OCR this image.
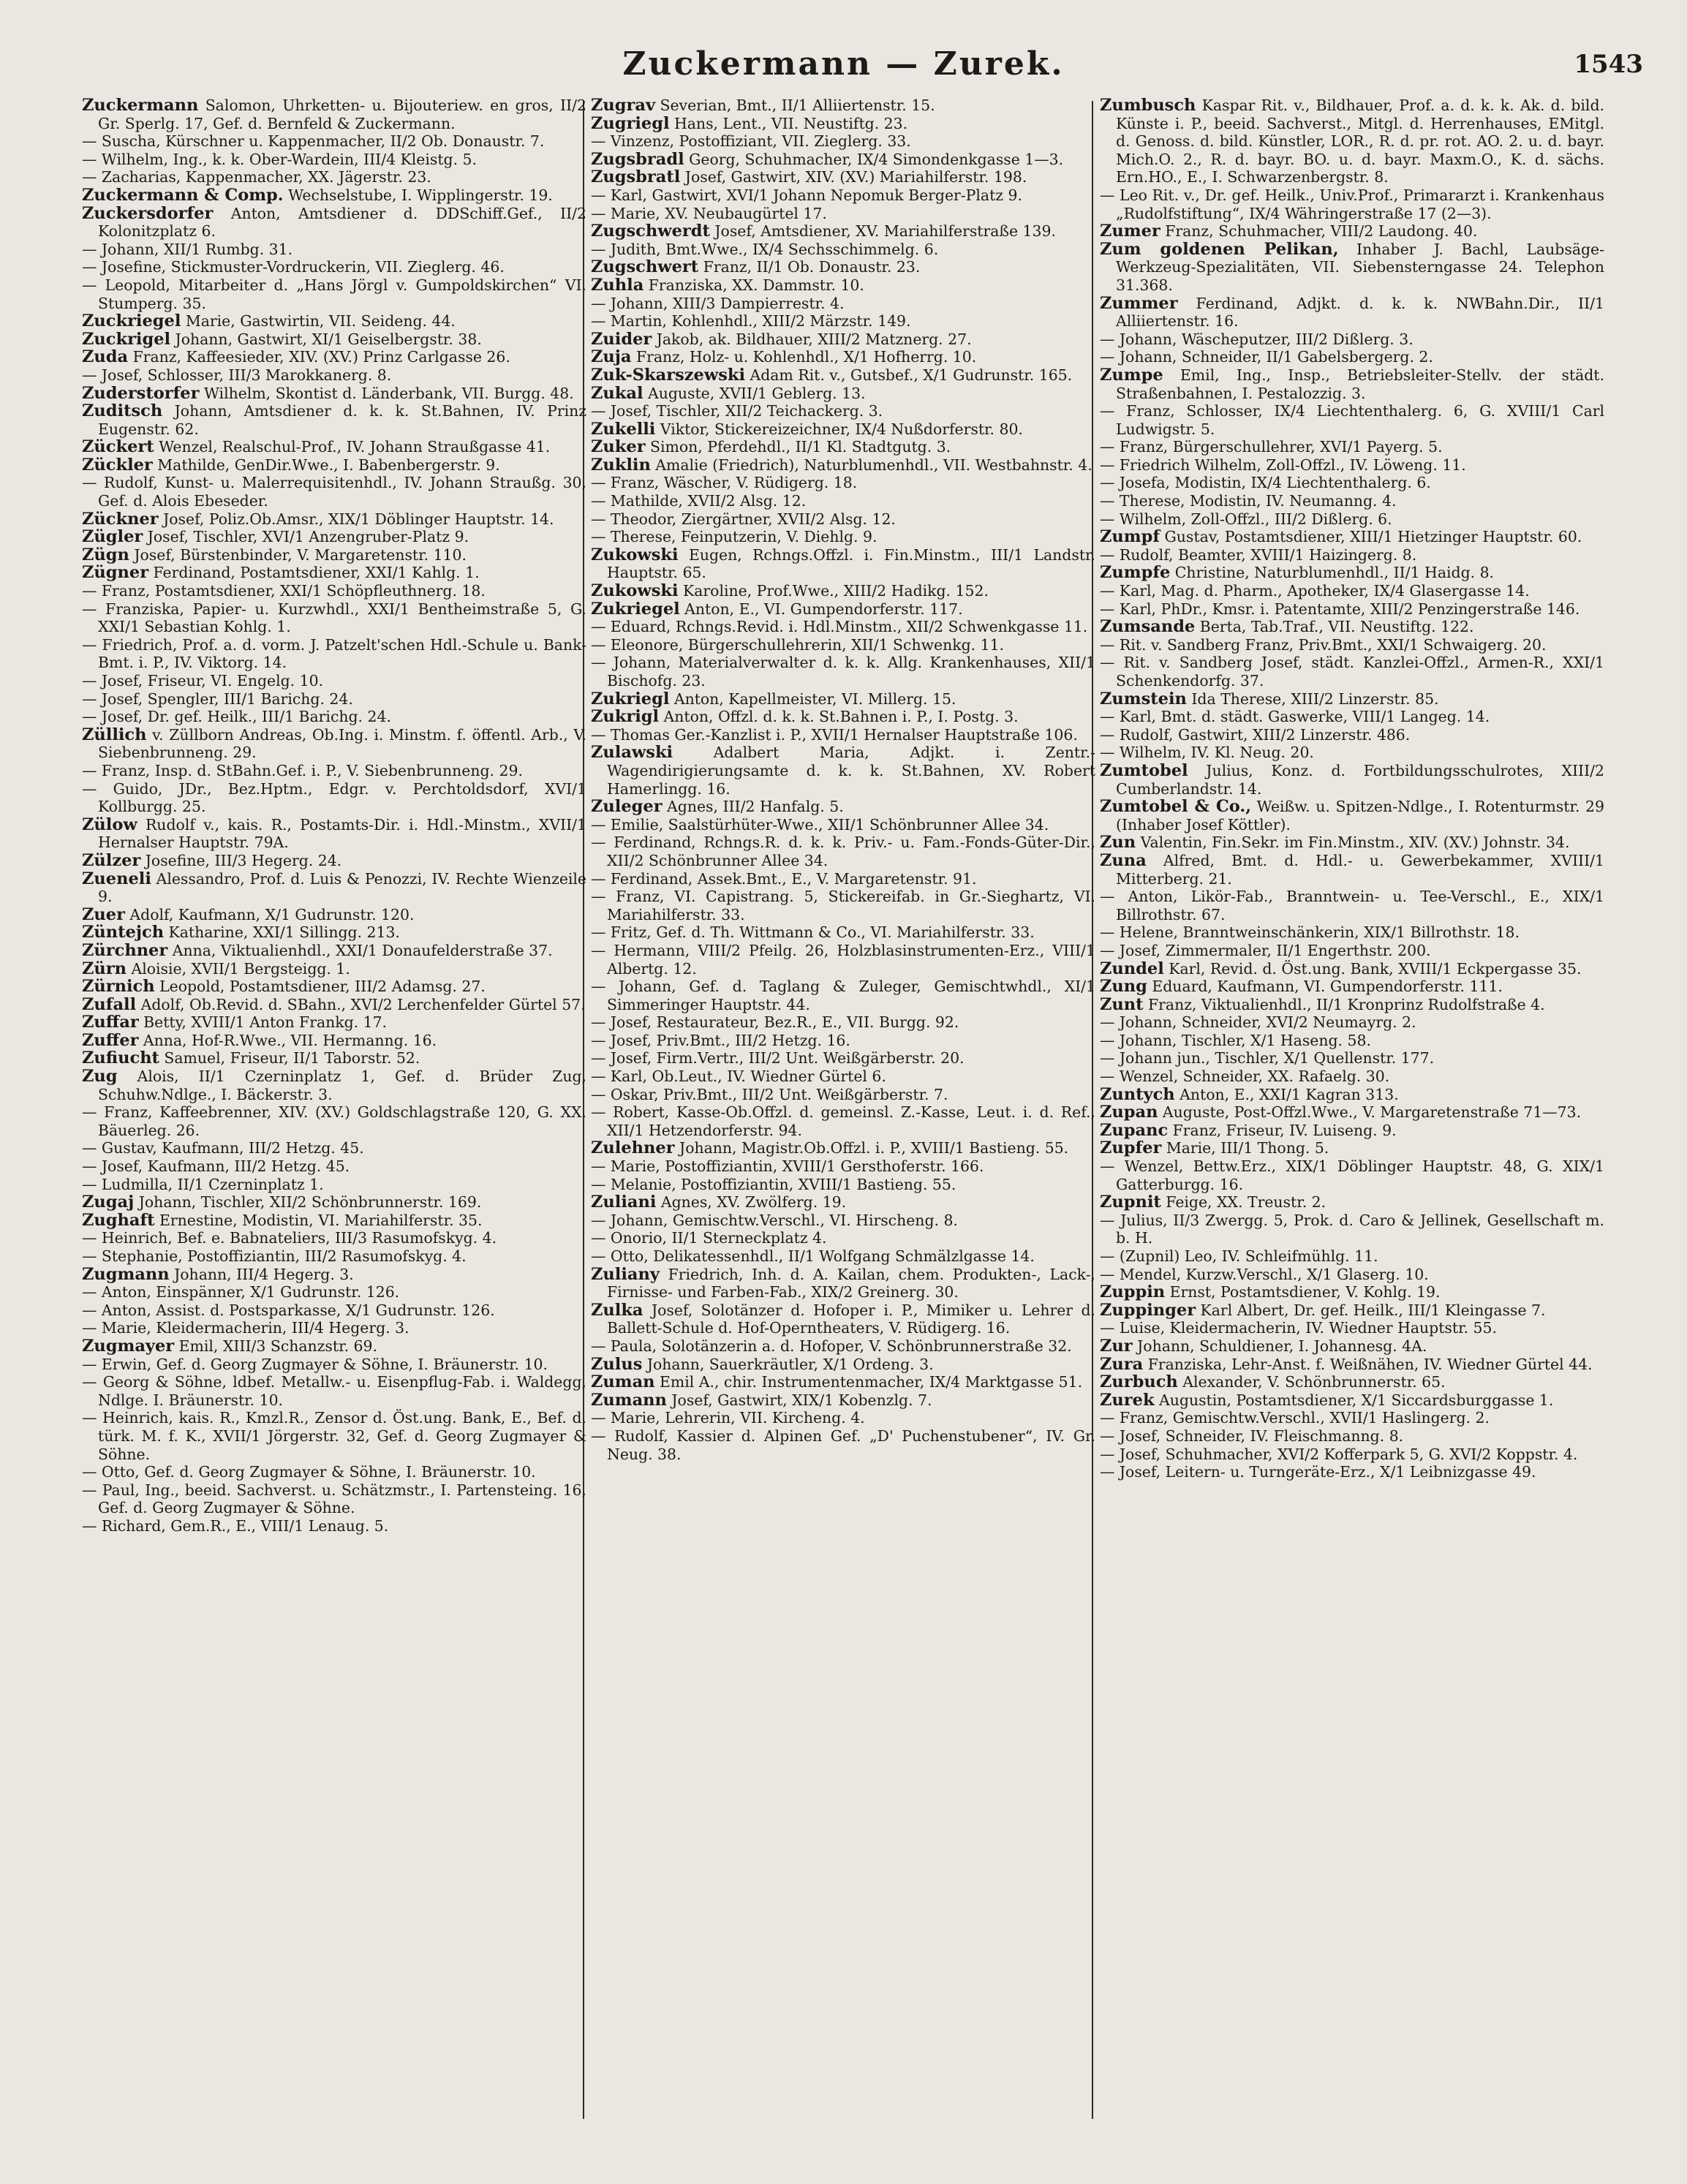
Zuckermann — Zurek.	1543

Zuckermann Salomon, Uhrketten- u. Bijouteriew. en gros, II/2 Gr. Sperlg. 17, Gef. d. Bernfeld & Zuckermann.

— Suscha, Kürschner u. Kappenmacher, II/2 Ob. Donaustr. 7.

— Wilhelm, Ing., k. k. Ober-Wardein, III/4 Kleistg. 5.

— Zacharias, Kappenmacher, XX. Jägerstr. 23.

Zuckermann & Comp. Wechselstube, I. Wipplingerstr. 19.

Zuckersdorfer Anton, Amtsdiener d. DDSchiff.Gef., II/2 Kolonitzplatz 6.

— Johann, XII/1 Rumbg. 31.

— Josefine, Stickmuster-Vordruckerin, VII. Zieglerg. 46.

— Leopold, Mitarbeiter d. „Hans Jörgl v. Gumpoldskirchen“ VI. Stumperg. 35.

Zuckriegel Marie, Gastwirtin, VII. Seideng. 44.

Zuckrigel Johann, Gastwirt, XI/1 Geiselbergstr. 38.

Zuda Franz, Kaffeesieder, XIV. (XV.) Prinz Carlgasse 26.

— Josef, Schlosser, III/3 Marokkanerg. 8.

Zuderstorfer Wilhelm, Skontist d. Länderbank, VII. Burgg. 48.

Zuditsch Johann, Amtsdiener d. k. k. St.Bahnen, IV. Prinz Eugenstr. 62.

Zückert Wenzel, Realschul-Prof., IV. Johann Straußgasse 41.

Zückler Mathilde, GenDir.Wwe., I. Babenbergerstr. 9.

— Rudolf, Kunst- u. Malerrequisitenhdl., IV. Johann Straußg. 30, Gef. d. Alois Ebeseder.

Zückner Josef, Poliz.Ob.Amsr., XIX/1 Döblinger Hauptstr. 14.

Zügler Josef, Tischler, XVI/1 Anzengruber-Platz 9.

Zügn Josef, Bürstenbinder, V. Margaretenstr. 110.

Zügner Ferdinand, Postamtsdiener, XXI/1 Kahlg. 1.

— Franz, Postamtsdiener, XXI/1 Schöpfleuthnerg. 18.

— Franziska, Papier- u. Kurzwhdl., XXI/1 Bentheimstraße 5, G. XXI/1 Sebastian Kohlg. 1.

— Friedrich, Prof. a. d. vorm. J. Patzelt'schen Hdl.-Schule u. Bank-Bmt. i. P., IV. Viktorg. 14.

— Josef, Friseur, VI. Engelg. 10.

— Josef, Spengler, III/1 Barichg. 24.

— Josef, Dr. gef. Heilk., III/1 Barichg. 24.

Züllich v. Züllborn Andreas, Ob.Ing. i. Minstm. f. öffentl. Arb., V. Siebenbrunneng. 29.

— Franz, Insp. d. StBahn.Gef. i. P., V. Siebenbrunneng. 29.

— Guido, JDr., Bez.Hptm., Edgr. v. Perchtoldsdorf, XVI/1 Kollburgg. 25.

Zülow Rudolf v., kais. R., Postamts-Dir. i. Hdl.-Minstm., XVII/1 Hernalser Hauptstr. 79A.

Zülzer Josefine, III/3 Hegerg. 24.

Zueneli Alessandro, Prof. d. Luis & Penozzi, IV. Rechte Wienzeile 9.

Zuer Adolf, Kaufmann, X/1 Gudrunstr. 120.

Züntejch Katharine, XXI/1 Sillingg. 213.

Zürchner Anna, Viktualienhdl., XXI/1 Donaufelderstraße 37.

Zürn Aloisie, XVII/1 Bergsteigg. 1.

Zürnich Leopold, Postamtsdiener, III/2 Adamsg. 27.

Zufall Adolf, Ob.Revid. d. SBahn., XVI/2 Lerchenfelder Gürtel 57.

Zuffar Betty, XVIII/1 Anton Frankg. 17.

Zuffer Anna, Hof-R.Wwe., VII. Hermanng. 16.

Zufiucht Samuel, Friseur, II/1 Taborstr. 52.

Zug Alois, II/1 Czerninplatz 1, Gef. d. Brüder Zug, Schuhw.Ndlge., I. Bäckerstr. 3.

— Franz, Kaffeebrenner, XIV. (XV.) Goldschlagstraße 120, G. XX. Bäuerleg. 26.

— Gustav, Kaufmann, III/2 Hetzg. 45.

— Josef, Kaufmann, III/2 Hetzg. 45.

— Ludmilla, II/1 Czerninplatz 1.

Zugaj Johann, Tischler, XII/2 Schönbrunnerstr. 169.

Zughaft Ernestine, Modistin, VI. Mariahilferstr. 35.

— Heinrich, Bef. e. Babnateliers, III/3 Rasumofskyg. 4.

— Stephanie, Postoffiziantin, III/2 Rasumofskyg. 4.

Zugmann Johann, III/4 Hegerg. 3.

— Anton, Einspänner, X/1 Gudrunstr. 126.

— Anton, Assist. d. Postsparkasse, X/1 Gudrunstr. 126.

— Marie, Kleidermacherin, III/4 Hegerg. 3.

Zugmayer Emil, XIII/3 Schanzstr. 69.

— Erwin, Gef. d. Georg Zugmayer & Söhne, I. Bräunerstr. 10.

— Georg & Söhne, ldbef. Metallw.- u. Eisenpflug-Fab. i. Waldegg, Ndlge. I. Bräunerstr. 10.

— Heinrich, kais. R., Kmzl.R., Zensor d. Öst.ung. Bank, E., Bef. d. türk. M. f. K., XVII/1 Jörgerstr. 32, Gef. d. Georg Zugmayer & Söhne.

— Otto, Gef. d. Georg Zugmayer & Söhne, I. Bräunerstr. 10.

— Paul, Ing., beeid. Sachverst. u. Schätzmstr., I. Partensteing. 16, Gef. d. Georg Zugmayer & Söhne.

— Richard, Gem.R., E., VIII/1 Lenaug. 5.

Zugrav Severian, Bmt., II/1 Alliiertenstr. 15.

Zugriegl Hans, Lent., VII. Neustiftg. 23.

— Vinzenz, Postoffiziant, VII. Zieglerg. 33.

Zugsbradl Georg, Schuhmacher, IX/4 Simondenkgasse 1—3.

Zugsbratl Josef, Gastwirt, XIV. (XV.) Mariahilferstr. 198.

— Karl, Gastwirt, XVI/1 Johann Nepomuk Berger-Platz 9.

— Marie, XV. Neubaugürtel 17.

Zugschwerdt Josef, Amtsdiener, XV. Mariahilferstraße 139.

— Judith, Bmt.Wwe., IX/4 Sechsschimmelg. 6.

Zugschwert Franz, II/1 Ob. Donaustr. 23.

Zuhla Franziska, XX. Dammstr. 10.

— Johann, XIII/3 Dampierrestr. 4.

— Martin, Kohlenhdl., XIII/2 Märzstr. 149.

Zuider Jakob, ak. Bildhauer, XIII/2 Matznerg. 27.

Zuja Franz, Holz- u. Kohlenhdl., X/1 Hofherrg. 10.

Zuk-Skarszewski Adam Rit. v., Gutsbef., X/1 Gudrunstr. 165.

Zukal Auguste, XVII/1 Geblerg. 13.

— Josef, Tischler, XII/2 Teichackerg. 3.

Zukelli Viktor, Stickereizeichner, IX/4 Nußdorferstr. 80.

Zuker Simon, Pferdehdl., II/1 Kl. Stadtgutg. 3.

Zuklin Amalie (Friedrich), Naturblumenhdl., VII. Westbahnstr. 4.

— Franz, Wäscher, V. Rüdigerg. 18.

— Mathilde, XVII/2 Alsg. 12.

— Theodor, Ziergärtner, XVII/2 Alsg. 12.

— Therese, Feinputzerin, V. Diehlg. 9.

Zukowski Eugen, Rchngs.Offzl. i. Fin.Minstm., III/1 Landstr. Hauptstr. 65.

Zukowski Karoline, Prof.Wwe., XIII/2 Hadikg. 152.

Zukriegel Anton, E., VI. Gumpendorferstr. 117.

— Eduard, Rchngs.Revid. i. Hdl.Minstm., XII/2 Schwenkgasse 11.

— Eleonore, Bürgerschullehrerin, XII/1 Schwenkg. 11.

— Johann, Materialverwalter d. k. k. Allg. Krankenhauses, XII/1 Bischofg. 23.

Zukriegl Anton, Kapellmeister, VI. Millerg. 15.

Zukrigl Anton, Offzl. d. k. k. St.Bahnen i. P., I. Postg. 3.

— Thomas Ger.-Kanzlist i. P., XVII/1 Hernalser Hauptstraße 106.

Zulawski Adalbert Maria, Adjkt. i. Zentr.-Wagendirigierungsamte d. k. k. St.Bahnen, XV. Robert Hamerlingg. 16.

Zuleger Agnes, III/2 Hanfalg. 5.

— Emilie, Saalstürhüter-Wwe., XII/1 Schönbrunner Allee 34.

— Ferdinand, Rchngs.R. d. k. k. Priv.- u. Fam.-Fonds-Güter-Dir., XII/2 Schönbrunner Allee 34.

— Ferdinand, Assek.Bmt., E., V. Margaretenstr. 91.

— Franz, VI. Capistrang. 5, Stickereifab. in Gr.-Sieghartz, VI. Mariahilferstr. 33.

— Fritz, Gef. d. Th. Wittmann & Co., VI. Mariahilferstr. 33.

— Hermann, VIII/2 Pfeilg. 26, Holzblasinstrumenten-Erz., VIII/1 Albertg. 12.

— Johann, Gef. d. Taglang & Zuleger, Gemischtwhdl., XI/1 Simmeringer Hauptstr. 44.

— Josef, Restaurateur, Bez.R., E., VII. Burgg. 92.

— Josef, Priv.Bmt., III/2 Hetzg. 16.

— Josef, Firm.Vertr., III/2 Unt. Weißgärberstr. 20.

— Karl, Ob.Leut., IV. Wiedner Gürtel 6.

— Oskar, Priv.Bmt., III/2 Unt. Weißgärberstr. 7.

— Robert, Kasse-Ob.Offzl. d. gemeinsl. Z.-Kasse, Leut. i. d. Ref., XII/1 Hetzendorferstr. 94.

Zulehner Johann, Magistr.Ob.Offzl. i. P., XVIII/1 Bastieng. 55.

— Marie, Postoffiziantin, XVIII/1 Gersthoferstr. 166.

— Melanie, Postoffiziantin, XVIII/1 Bastieng. 55.

Zuliani Agnes, XV. Zwölferg. 19.

— Johann, Gemischtw.Verschl., VI. Hirscheng. 8.

— Onorio, II/1 Sterneckplatz 4.

— Otto, Delikatessenhdl., II/1 Wolfgang Schmälzlgasse 14.

Zuliany Friedrich, Inh. d. A. Kailan, chem. Produkten-, Lack-, Firnisse- und Farben-Fab., XIX/2 Greinerg. 30.

Zulka Josef, Solotänzer d. Hofoper i. P., Mimiker u. Lehrer d. Ballett-Schule d. Hof-Operntheaters, V. Rüdigerg. 16.

— Paula, Solotänzerin a. d. Hofoper, V. Schönbrunnerstraße 32.

Zulus Johann, Sauerkräutler, X/1 Ordeng. 3.

Zuman Emil A., chir. Instrumentenmacher, IX/4 Marktgasse 51.

Zumann Josef, Gastwirt, XIX/1 Kobenzlg. 7.

— Marie, Lehrerin, VII. Kircheng. 4.

— Rudolf, Kassier d. Alpinen Gef. „D' Puchenstubener“, IV. Gr. Neug. 38.

Zumbusch Kaspar Rit. v., Bildhauer, Prof. a. d. k. k. Ak. d. bild. Künste i. P., beeid. Sachverst., Mitgl. d. Herrenhauses, EMitgl. d. Genoss. d. bild. Künstler, LOR., R. d. pr. rot. AO. 2. u. d. bayr. Mich.O. 2., R. d. bayr. BO. u. d. bayr. Maxm.O., K. d. sächs. Ern.HO., E., I. Schwarzenbergstr. 8.

— Leo Rit. v., Dr. gef. Heilk., Univ.Prof., Primararzt i. Krankenhaus „Rudolfstiftung“, IX/4 Währingerstraße 17 (2—3).

Zumer Franz, Schuhmacher, VIII/2 Laudong. 40.

Zum goldenen Pelikan, Inhaber J. Bachl, Laubsäge-Werkzeug-Spezialitäten, VII. Siebensterngasse 24. Telephon 31.368.

Zummer Ferdinand, Adjkt. d. k. k. NWBahn.Dir., II/1 Alliiertenstr. 16.

— Johann, Wäscheputzer, III/2 Dißlerg. 3.

— Johann, Schneider, II/1 Gabelsbergerg. 2.

Zumpe Emil, Ing., Insp., Betriebsleiter-Stellv. der städt. Straßenbahnen, I. Pestalozzig. 3.

— Franz, Schlosser, IX/4 Liechtenthalerg. 6, G. XVIII/1 Carl Ludwigstr. 5.

— Franz, Bürgerschullehrer, XVI/1 Payerg. 5.

— Friedrich Wilhelm, Zoll-Offzl., IV. Löweng. 11.

— Josefa, Modistin, IX/4 Liechtenthalerg. 6.

— Therese, Modistin, IV. Neumanng. 4.

— Wilhelm, Zoll-Offzl., III/2 Dißlerg. 6.

Zumpf Gustav, Postamtsdiener, XIII/1 Hietzinger Hauptstr. 60.

— Rudolf, Beamter, XVIII/1 Haizingerg. 8.

Zumpfe Christine, Naturblumenhdl., II/1 Haidg. 8.

— Karl, Mag. d. Pharm., Apotheker, IX/4 Glasergasse 14.

— Karl, PhDr., Kmsr. i. Patentamte, XIII/2 Penzingerstraße 146.

Zumsande Berta, Tab.Traf., VII. Neustiftg. 122.

— Rit. v. Sandberg Franz, Priv.Bmt., XXI/1 Schwaigerg. 20.

— Rit. v. Sandberg Josef, städt. Kanzlei-Offzl., Armen-R., XXI/1 Schenkendorfg. 37.

Zumstein Ida Therese, XIII/2 Linzerstr. 85.

— Karl, Bmt. d. städt. Gaswerke, VIII/1 Langeg. 14.

— Rudolf, Gastwirt, XIII/2 Linzerstr. 486.

— Wilhelm, IV. Kl. Neug. 20.

Zumtobel Julius, Konz. d. Fortbildungsschulrotes, XIII/2 Cumberlandstr. 14.

Zumtobel & Co., Weißw. u. Spitzen-Ndlge., I. Rotenturmstr. 29 (Inhaber Josef Köttler).

Zun Valentin, Fin.Sekr. im Fin.Minstm., XIV. (XV.) Johnstr. 34.

Zuna Alfred, Bmt. d. Hdl.- u. Gewerbekammer, XVIII/1 Mitterberg. 21.

— Anton, Likör-Fab., Branntwein- u. Tee-Verschl., E., XIX/1 Billrothstr. 67.

— Helene, Branntweinschänkerin, XIX/1 Billrothstr. 18.

— Josef, Zimmermaler, II/1 Engerthstr. 200.

Zundel Karl, Revid. d. Öst.ung. Bank, XVIII/1 Eckpergasse 35.

Zung Eduard, Kaufmann, VI. Gumpendorferstr. 111.

Zunt Franz, Viktualienhdl., II/1 Kronprinz Rudolfstraße 4.

— Johann, Schneider, XVI/2 Neumayrg. 2.

— Johann, Tischler, X/1 Haseng. 58.

— Johann jun., Tischler, X/1 Quellenstr. 177.

— Wenzel, Schneider, XX. Rafaelg. 30.

Zuntych Anton, E., XXI/1 Kagran 313.

Zupan Auguste, Post-Offzl.Wwe., V. Margaretenstraße 71—73.

Zupanc Franz, Friseur, IV. Luiseng. 9.

Zupfer Marie, III/1 Thong. 5.

— Wenzel, Bettw.Erz., XIX/1 Döblinger Hauptstr. 48, G. XIX/1 Gatterburgg. 16.

Zupnit Feige, XX. Treustr. 2.

— Julius, II/3 Zwergg. 5, Prok. d. Caro & Jellinek, Gesellschaft m. b. H.

— (Zupnil) Leo, IV. Schleifmühlg. 11.

— Mendel, Kurzw.Verschl., X/1 Glaserg. 10.

Zuppin Ernst, Postamtsdiener, V. Kohlg. 19.

Zuppinger Karl Albert, Dr. gef. Heilk., III/1 Kleingasse 7.

— Luise, Kleidermacherin, IV. Wiedner Hauptstr. 55.

Zur Johann, Schuldiener, I. Johannesg. 4A.

Zura Franziska, Lehr-Anst. f. Weißnähen, IV. Wiedner Gürtel 44.

Zurbuch Alexander, V. Schönbrunnerstr. 65.

Zurek Augustin, Postamtsdiener, X/1 Siccardsburggasse 1.

— Franz, Gemischtw.Verschl., XVII/1 Haslingerg. 2.

— Josef, Schneider, IV. Fleischmanng. 8.

— Josef, Schuhmacher, XVI/2 Kofferpark 5, G. XVI/2 Koppstr. 4.

— Josef, Leitern- u. Turngeräte-Erz., X/1 Leibnizgasse 49.
